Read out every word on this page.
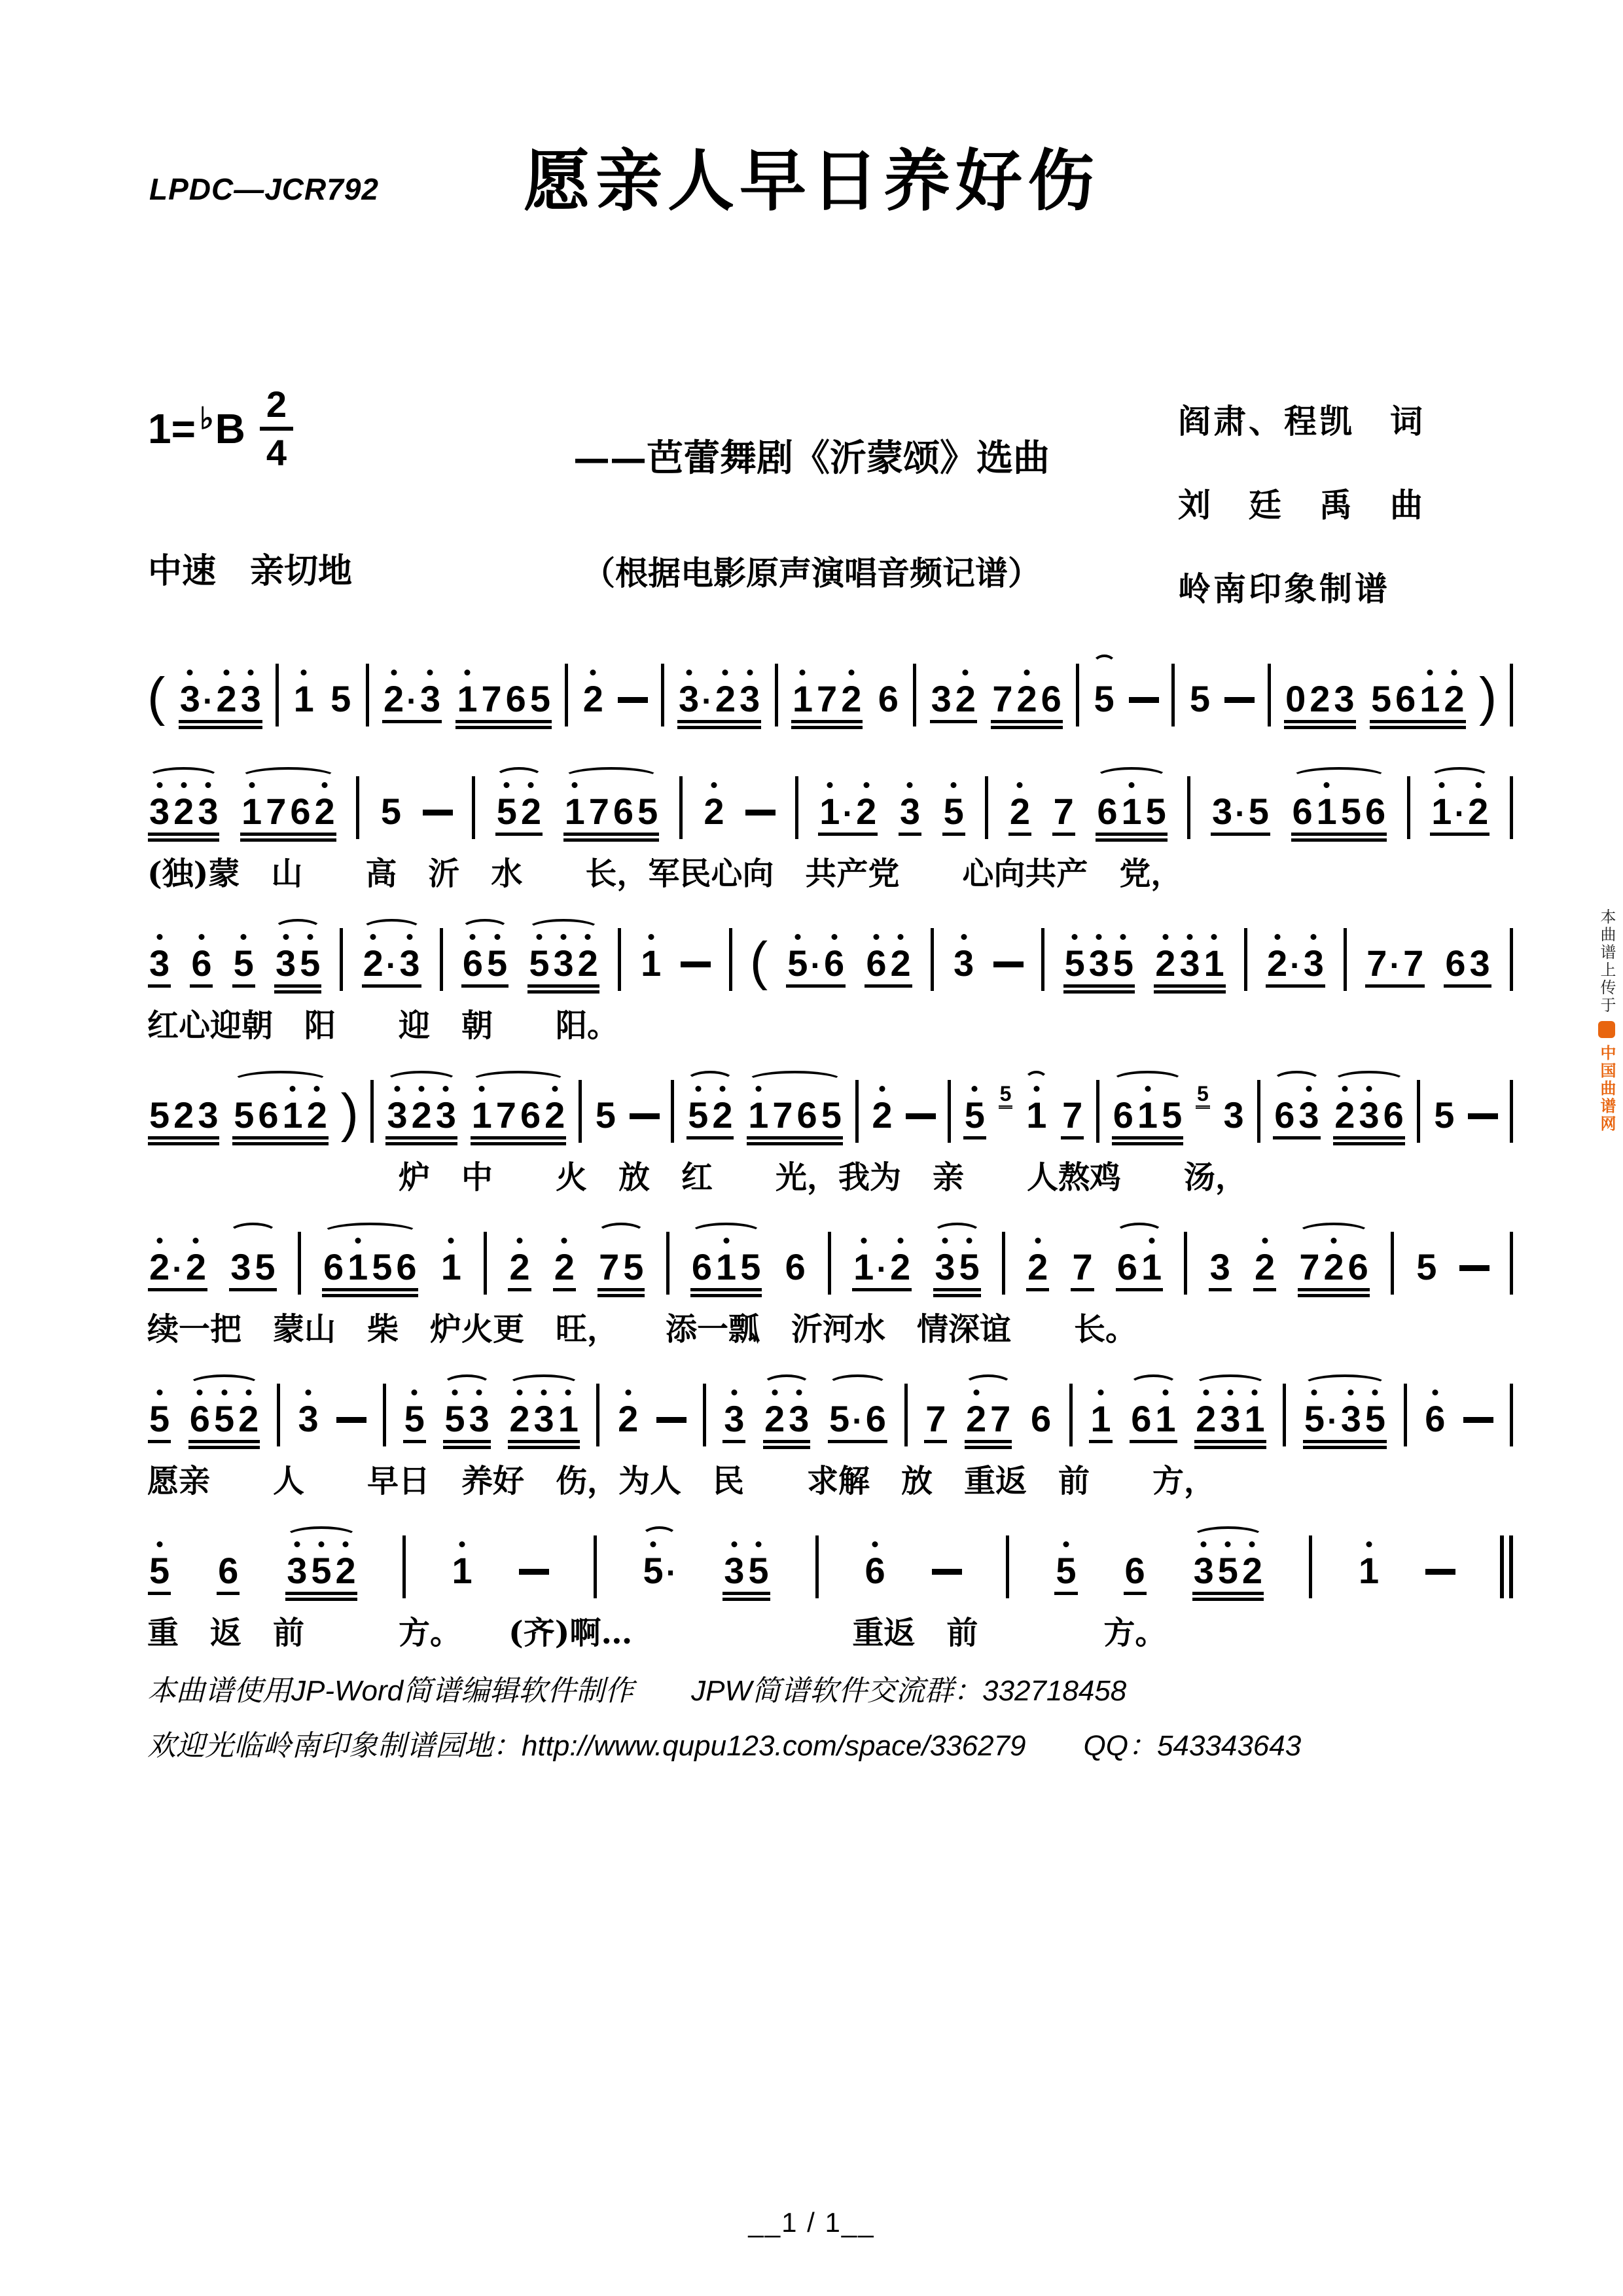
LPDC—JCR792	愿亲人早日养好伤
——芭蕾舞剧《沂蒙颂》选曲
（根据电影原声演唱音频记谱）
1= ♭ B $\frac{2}{4}$
中速　亲切地
阎肃、程凯　词
刘　廷　禹　曲
岭南印象制谱
( 3 · 2 3 1 5 2 · 3 1 7 6 5 2 3 · 2 3 1 7 2 6 3 2 7 2 6 5 5 0 2 3 5 6 1 2 )
3 2 3 1 7 6 2 5	5 2 1 7 6 5 2	1 · 2 3 5 2 7 6 1 5 3 · 5 6 1 5 6 1 · 2
(独)蒙　山　　高　沂　水　　长，军民心向　共产党　　心向共产　党，
3 6 5 3 5 2 · 3 6 5 5 3 2 1 ( 5 · 6 6 2 3 5 3 5 2 3 1 2 · 3 7 · 7 6 3
红心迎朝　阳　　迎　朝　　阳。
5 2 3 5 6 1 2 ) 3 2 3 1 7 6 2 5 5 2 1 7 6 5 2 5
5
1 7 6 1 5
5
3 6 3 2 3 6 5
　　　　　　　　炉　中　　火　放　红　　光，我为　亲　　人熬鸡　　汤，
2 · 2 3 5 6 1 5 6 1 2 2 7 5 6 1 5 6 1 · 2 3 5 2 7 6 1 3 2 7 2 6 5
续一把　蒙山　柴　炉火更　旺，　　添一瓢　沂河水　情深谊　　长。
5 6 5 2 3 5 5 3 2 3 1 2 3 2 3 5 · 6 7 2 7 6 1 6 1 2 3 1 5 · 3 5 6
愿亲　　人　　早日　养好　伤，为人　民　　求解　放　重返　前　　方，
5 6 3 5 2	1	5 · 3 5	6	5 6 3 5 2	1
重　返　前　　　方。　　(齐)啊…　　　　　　　重返　前　　　　方。
本曲谱使用JP-Word简谱编辑软件制作　　JPW简谱软件交流群：332718458
欢迎光临岭南印象制谱园地：http://www.qupu123.com/space/336279　　QQ：543343643
__1 / 1__
本曲谱上传于
中国曲谱网
